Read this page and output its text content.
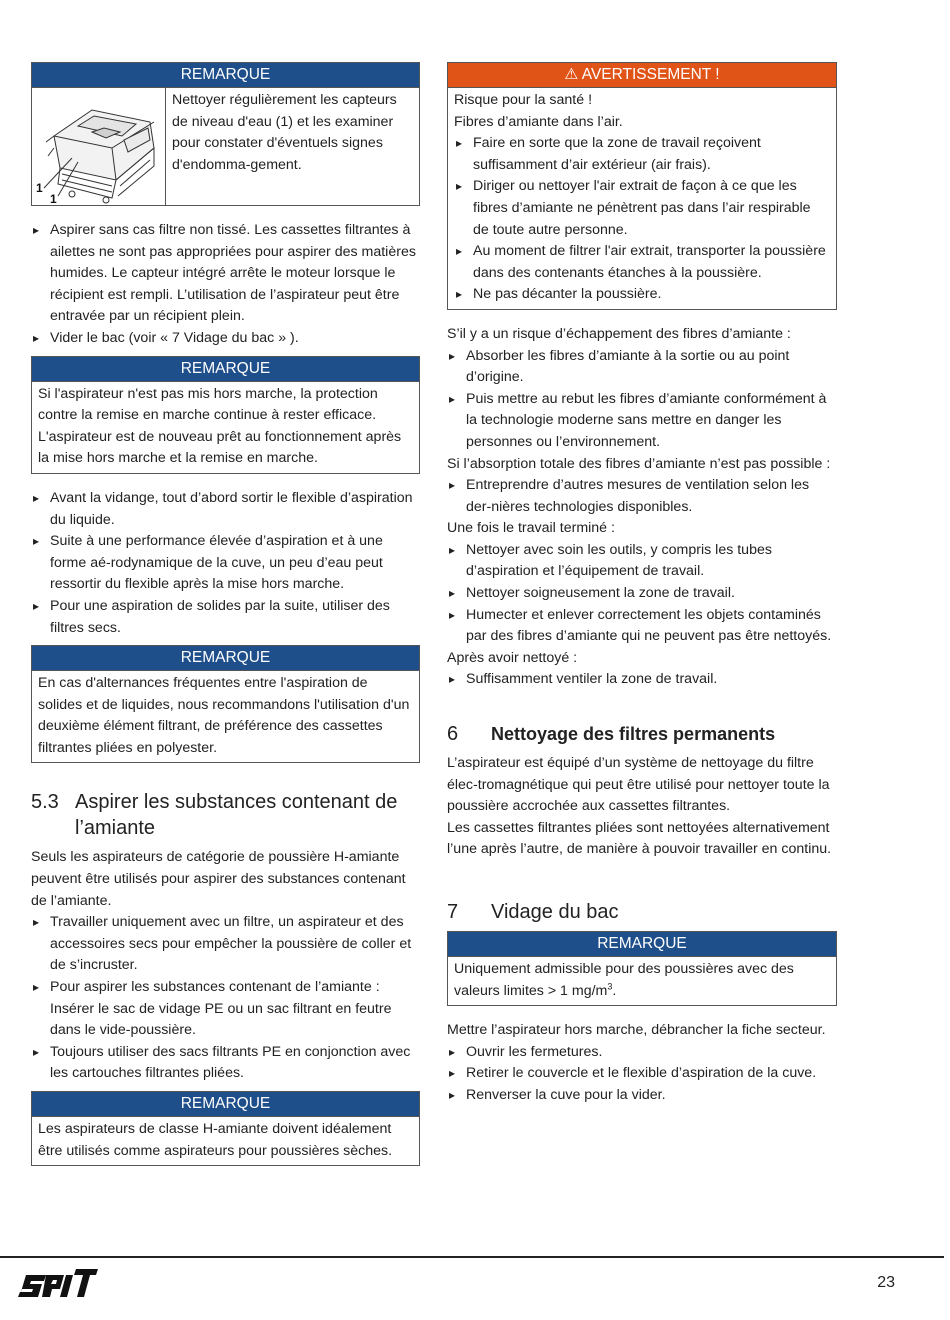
REMARQUE
1
1
Nettoyer régulièrement les capteurs de niveau d'eau (1) et les examiner pour constater d'éventuels signes d'endomma-gement.
▸ Aspirer sans cas filtre non tissé. Les cassettes filtrantes à ailettes ne sont pas appropriées pour aspirer des matières humides. Le capteur intégré arrête le moteur lorsque le récipient est rempli. L’utilisation de l’aspirateur peut être entravée par un récipient plein.
▸ Vider le bac (voir « 7 Vidage du bac » ).
REMARQUE
Si l'aspirateur n'est pas mis hors marche, la protection contre la remise en marche continue à rester efficace. L'aspirateur est de nouveau prêt au fonctionnement après la mise hors marche et la remise en marche.
▸ Avant la vidange, tout d’abord sortir le flexible d’aspiration du liquide.
▸ Suite à une performance élevée d’aspiration et à une forme aé-rodynamique de la cuve, un peu d’eau peut ressortir du flexible après la mise hors marche.
▸ Pour une aspiration de solides par la suite, utiliser des filtres secs.
REMARQUE
En cas d'alternances fréquentes entre l'aspiration de solides et de liquides, nous recommandons l'utilisation d'un deuxième élément filtrant, de préférence des cassettes filtrantes pliées en polyester.
5.3 Aspirer les substances contenant de l’amiante

Seuls les aspirateurs de catégorie de poussière H-amiante peuvent être utilisés pour aspirer des substances contenant de l’amiante.

▸ Travailler uniquement avec un filtre, un aspirateur et des accessoires secs pour empêcher la poussière de coller et de s’incruster.
▸ Pour aspirer les substances contenant de l’amiante : Insérer le sac de vidage PE ou un sac filtrant en feutre dans le vide-poussière.
▸ Toujours utiliser des sacs filtrants PE en conjonction avec les cartouches filtrantes pliées.
REMARQUE
Les aspirateurs de classe H-amiante doivent idéalement être utilisés comme aspirateurs pour poussières sèches.
⚠ AVERTISSEMENT !

Risque pour la santé !

Fibres d’amiante dans l’air.

▸ Faire en sorte que la zone de travail reçoivent suffisamment d’air extérieur (air frais).
▸ Diriger ou nettoyer l'air extrait de façon à ce que les fibres d’amiante ne pénètrent pas dans l’air respirable de toute autre personne.
▸ Au moment de filtrer l'air extrait, transporter la poussière dans des contenants étanches à la poussière.
▸ Ne pas décanter la poussière.

S’il y a un risque d’échappement des fibres d’amiante :

▸ Absorber les fibres d’amiante à la sortie ou au point d’origine.
▸ Puis mettre au rebut les fibres d’amiante conformément à la technologie moderne sans mettre en danger les personnes ou l’environnement.

Si l’absorption totale des fibres d’amiante n’est pas possible :

▸ Entreprendre d’autres mesures de ventilation selon les der-nières technologies disponibles.

Une fois le travail terminé :

▸ Nettoyer avec soin les outils, y compris les tubes d’aspiration et l’équipement de travail.
▸ Nettoyer soigneusement la zone de travail.
▸ Humecter et enlever correctement les objets contaminés par des fibres d’amiante qui ne peuvent pas être nettoyés.

Après avoir nettoyé :

▸ Suffisamment ventiler la zone de travail.
6	Nettoyage des filtres permanents

L’aspirateur est équipé d’un système de nettoyage du filtre élec-tromagnétique qui peut être utilisé pour nettoyer toute la poussière accrochée aux cassettes filtrantes.

Les cassettes filtrantes pliées sont nettoyées alternativement l’une après l’autre, de manière à pouvoir travailler en continu.

7	Vidage du bac
REMARQUE
Uniquement admissible pour des poussières avec des valeurs limites > 1 $mg/m^3$.

Mettre l’aspirateur hors marche, débrancher la fiche secteur.

▸ Ouvrir les fermetures.
▸ Retirer le couvercle et le flexible d’aspiration de la cuve.
▸ Renverser la cuve pour la vider.
23
